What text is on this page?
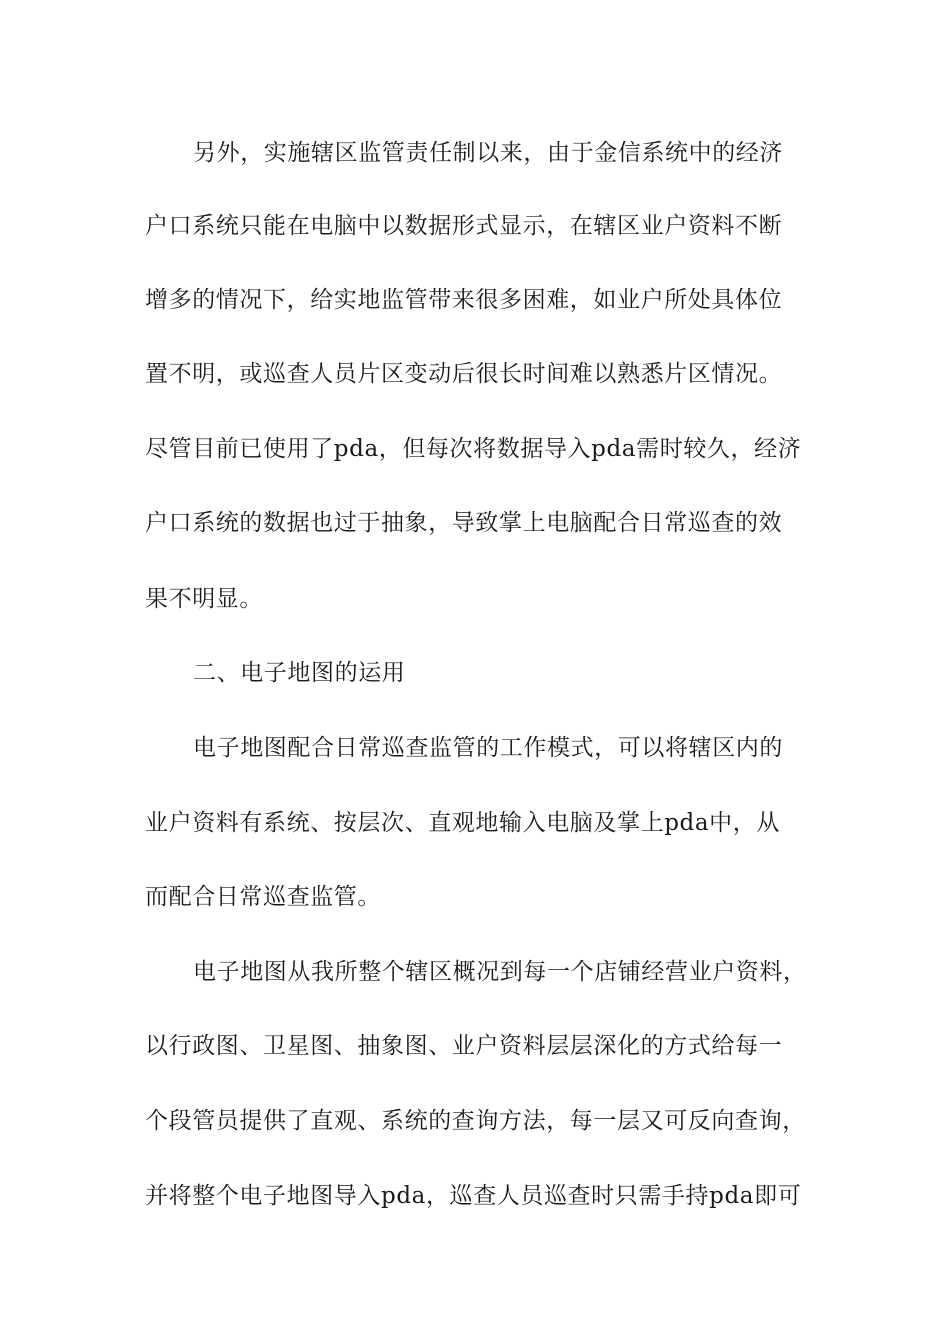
另外，实施辖区监管责任制以来，由于金信系统中的经济
户口系统只能在电脑中以数据形式显示，在辖区业户资料不断
增多的情况下，给实地监管带来很多困难，如业户所处具体位
置不明，或巡查人员片区变动后很长时间难以熟悉片区情况。
尽管目前已使用了pda，但每次将数据导入pda需时较久，经济
户口系统的数据也过于抽象，导致掌上电脑配合日常巡查的效
果不明显。
二、电子地图的运用
电子地图配合日常巡查监管的工作模式，可以将辖区内的
业户资料有系统、按层次、直观地输入电脑及掌上pda中，从
而配合日常巡查监管。
电子地图从我所整个辖区概况到每一个店铺经营业户资料，
以行政图、卫星图、抽象图、业户资料层层深化的方式给每一
个段管员提供了直观、系统的查询方法，每一层又可反向查询，
并将整个电子地图导入pda，巡查人员巡查时只需手持pda即可
